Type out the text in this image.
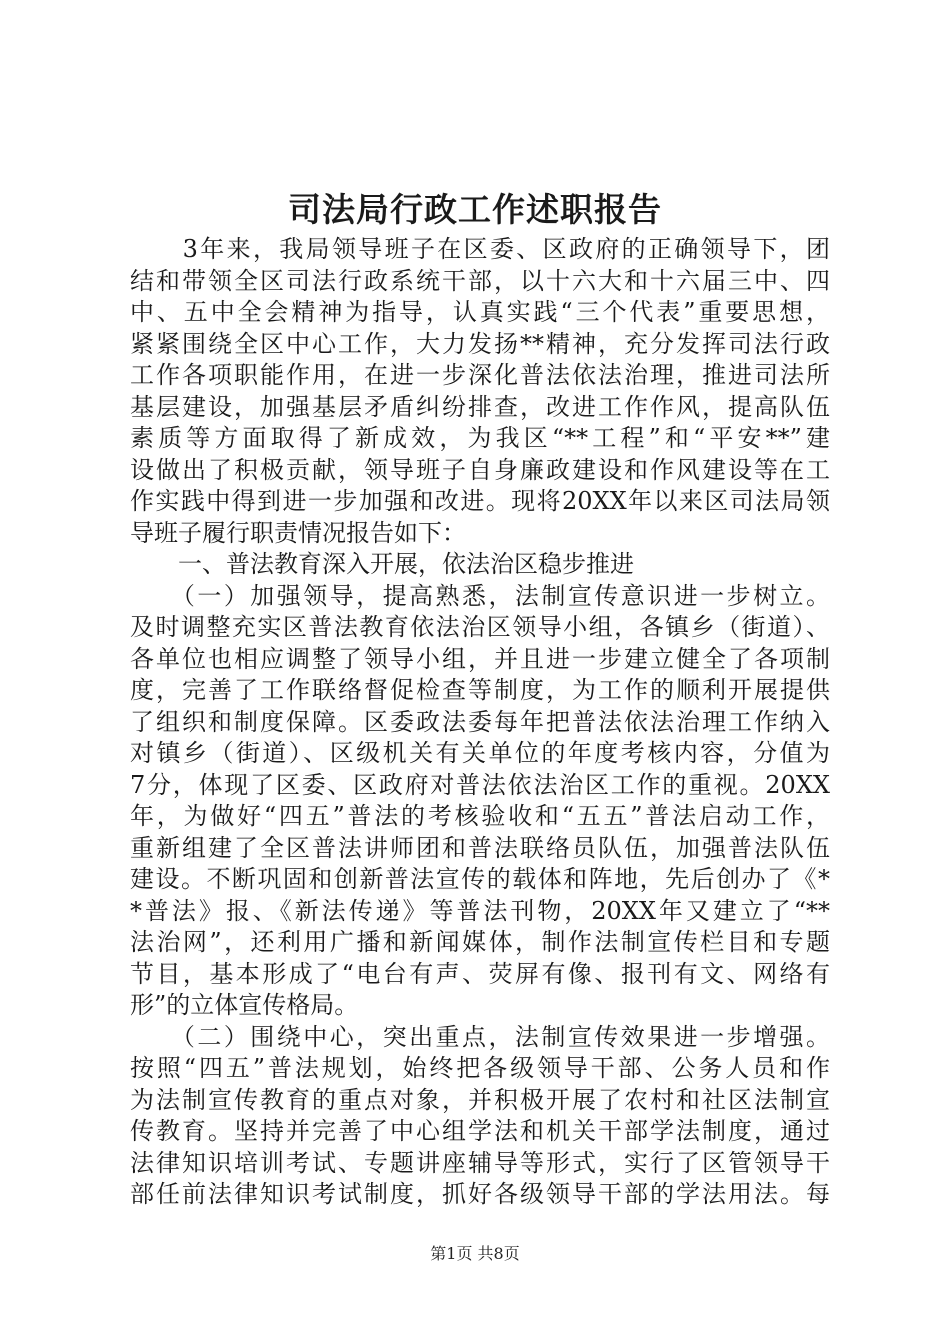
司法局行政工作述职报告
　　3年来，我局领导班子在区委、区政府的正确领导下，团
结和带领全区司法行政系统干部，以十六大和十六届三中、四
中、五中全会精神为指导，认真实践“三个代表”重要思想，
紧紧围绕全区中心工作，大力发扬**精神，充分发挥司法行政
工作各项职能作用，在进一步深化普法依法治理，推进司法所
基层建设，加强基层矛盾纠纷排查，改进工作作风，提高队伍
素质等方面取得了新成效，为我区“**工程”和“平安**”建
设做出了积极贡献，领导班子自身廉政建设和作风建设等在工
作实践中得到进一步加强和改进。现将20XX年以来区司法局领
导班子履行职责情况报告如下：
　　一、普法教育深入开展，依法治区稳步推进
　　（一）加强领导，提高熟悉，法制宣传意识进一步树立。
及时调整充实区普法教育依法治区领导小组，各镇乡（街道）、
各单位也相应调整了领导小组，并且进一步建立健全了各项制
度，完善了工作联络督促检查等制度，为工作的顺利开展提供
了组织和制度保障。区委政法委每年把普法依法治理工作纳入
对镇乡（街道）、区级机关有关单位的年度考核内容，分值为
7分，体现了区委、区政府对普法依法治区工作的重视。20XX
年，为做好“四五”普法的考核验收和“五五”普法启动工作，
重新组建了全区普法讲师团和普法联络员队伍，加强普法队伍
建设。不断巩固和创新普法宣传的载体和阵地，先后创办了《*
*普法》报、《新法传递》等普法刊物，20XX年又建立了“**
法治网”，还利用广播和新闻媒体，制作法制宣传栏目和专题
节目，基本形成了“电台有声、荧屏有像、报刊有文、网络有
形”的立体宣传格局。
　　（二）围绕中心，突出重点，法制宣传效果进一步增强。
按照“四五”普法规划，始终把各级领导干部、公务人员和作
为法制宣传教育的重点对象，并积极开展了农村和社区法制宣
传教育。坚持并完善了中心组学法和机关干部学法制度，通过
法律知识培训考试、专题讲座辅导等形式，实行了区管领导干
部任前法律知识考试制度，抓好各级领导干部的学法用法。每
第1页 共8页
